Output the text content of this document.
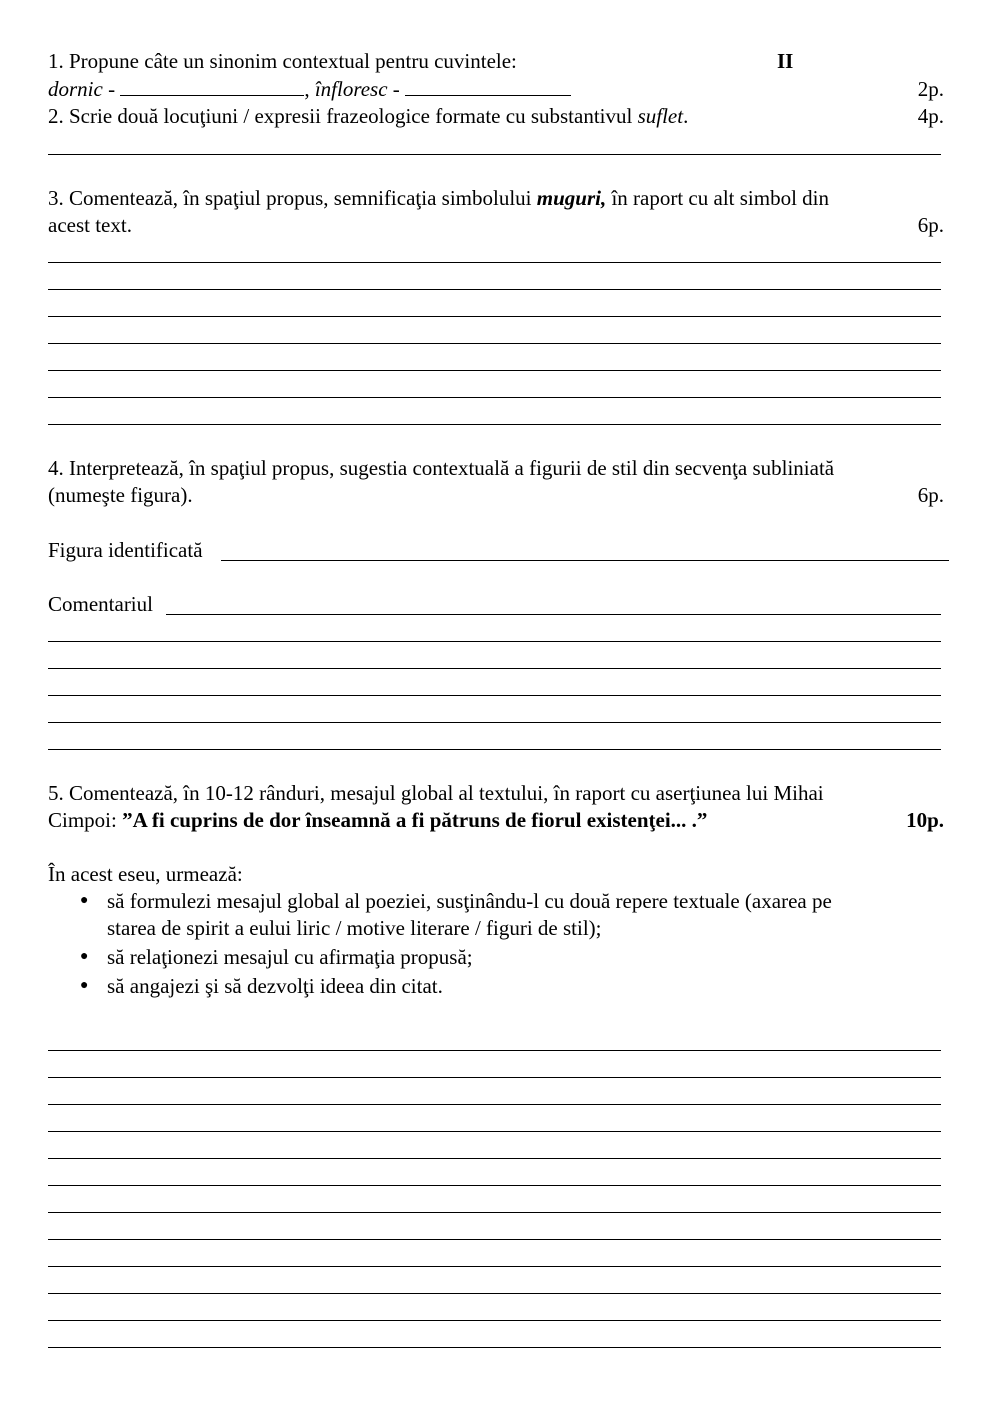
1. Propune câte un sinonim contextual pentru cuvintele:	II
dornic -	, înfloresc -	2p.
2. Scrie două locuţiuni / expresii frazeologice formate cu substantivul suflet.	4p.
3. Comentează, în spaţiul propus, semnificaţia simbolului muguri, în raport cu alt simbol din
acest text.	6p.
4. Interpretează, în spaţiul propus, sugestia contextuală a figurii de stil din secvenţa subliniată
(numeşte figura).	6p.
Figura identificată
Comentariul
5. Comentează, în 10-12 rânduri, mesajul global al textului, în raport cu aserţiunea lui Mihai
Cimpoi: ”A fi cuprins de dor înseamnă a fi pătruns de fiorul existenţei... .”	10p.
În acest eseu, urmează:
● să formulezi mesajul global al poeziei, susţinându-l cu două repere textuale (axarea pe
starea de spirit a eului liric / motive literare / figuri de stil);
● să relaţionezi mesajul cu afirmaţia propusă;
● să angajezi şi să dezvolţi ideea din citat.
